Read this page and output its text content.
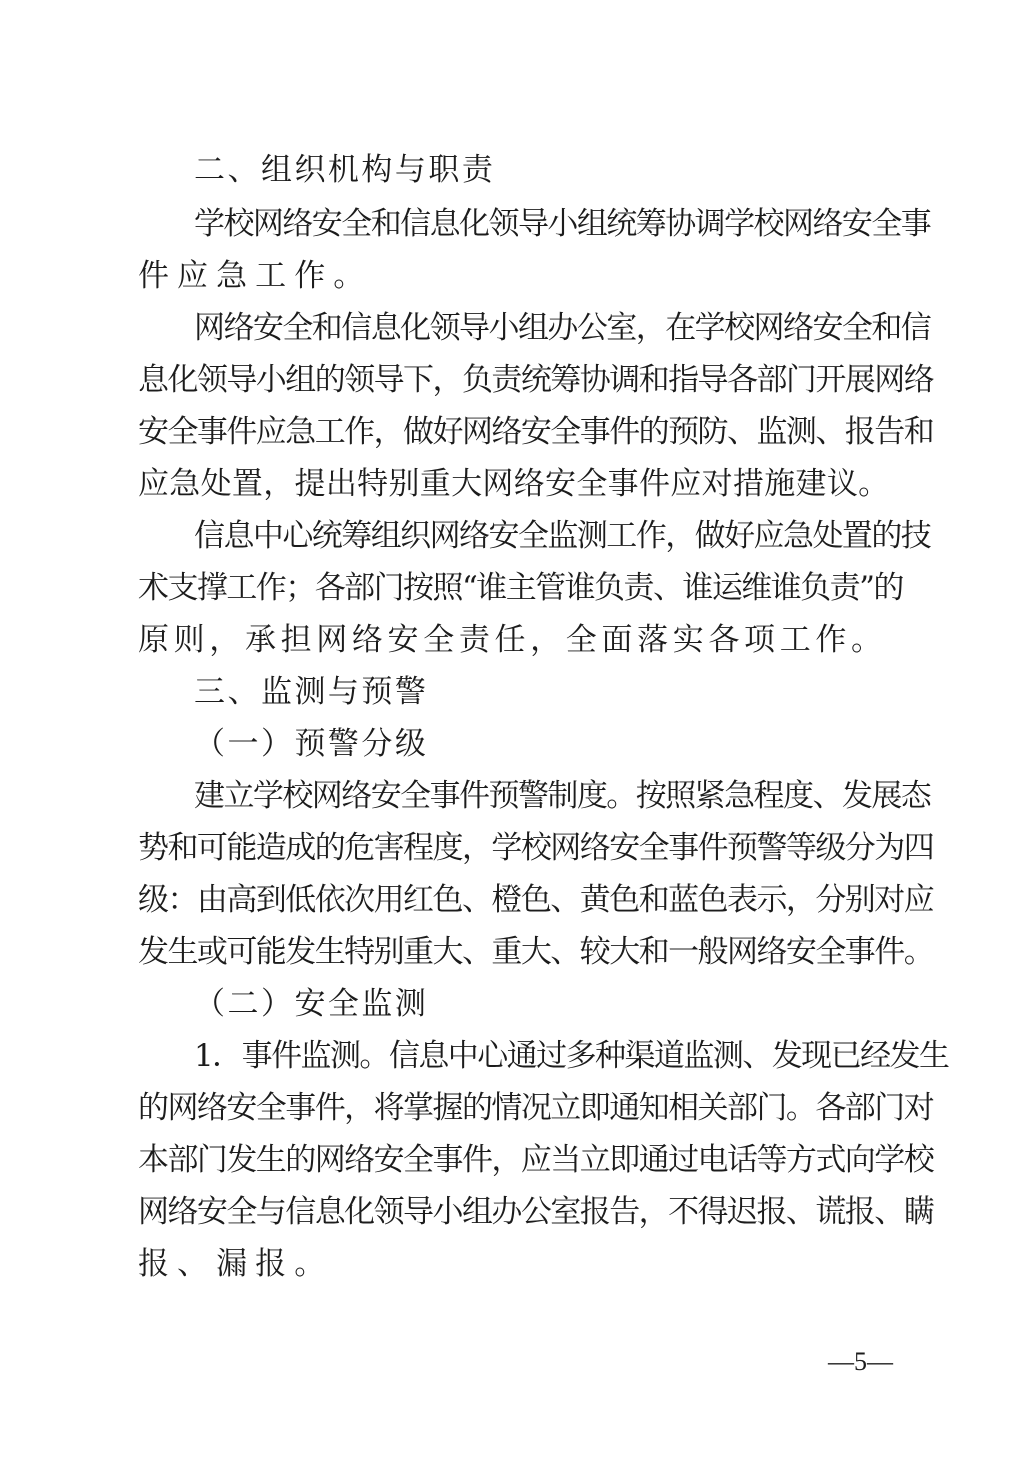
二、组织机构与职责
学校网络安全和信息化领导小组统筹协调学校网络安全事
件应急工作。
网络安全和信息化领导小组办公室，在学校网络安全和信
息化领导小组的领导下，负责统筹协调和指导各部门开展网络
安全事件应急工作，做好网络安全事件的预防、监测、报告和
应急处置，提出特别重大网络安全事件应对措施建议。
信息中心统筹组织网络安全监测工作，做好应急处置的技
术支撑工作；各部门按照“谁主管谁负责、谁运维谁负责”的
原则，承担网络安全责任，全面落实各项工作。
三、监测与预警
（一）预警分级
建立学校网络安全事件预警制度。按照紧急程度、发展态
势和可能造成的危害程度，学校网络安全事件预警等级分为四
级：由高到低依次用红色、橙色、黄色和蓝色表示，分别对应
发生或可能发生特别重大、重大、较大和一般网络安全事件。
（二）安全监测
1．事件监测。信息中心通过多种渠道监测、发现已经发生
的网络安全事件，将掌握的情况立即通知相关部门。各部门对
本部门发生的网络安全事件，应当立即通过电话等方式向学校
网络安全与信息化领导小组办公室报告，不得迟报、谎报、瞒
报、漏报。
—5—
